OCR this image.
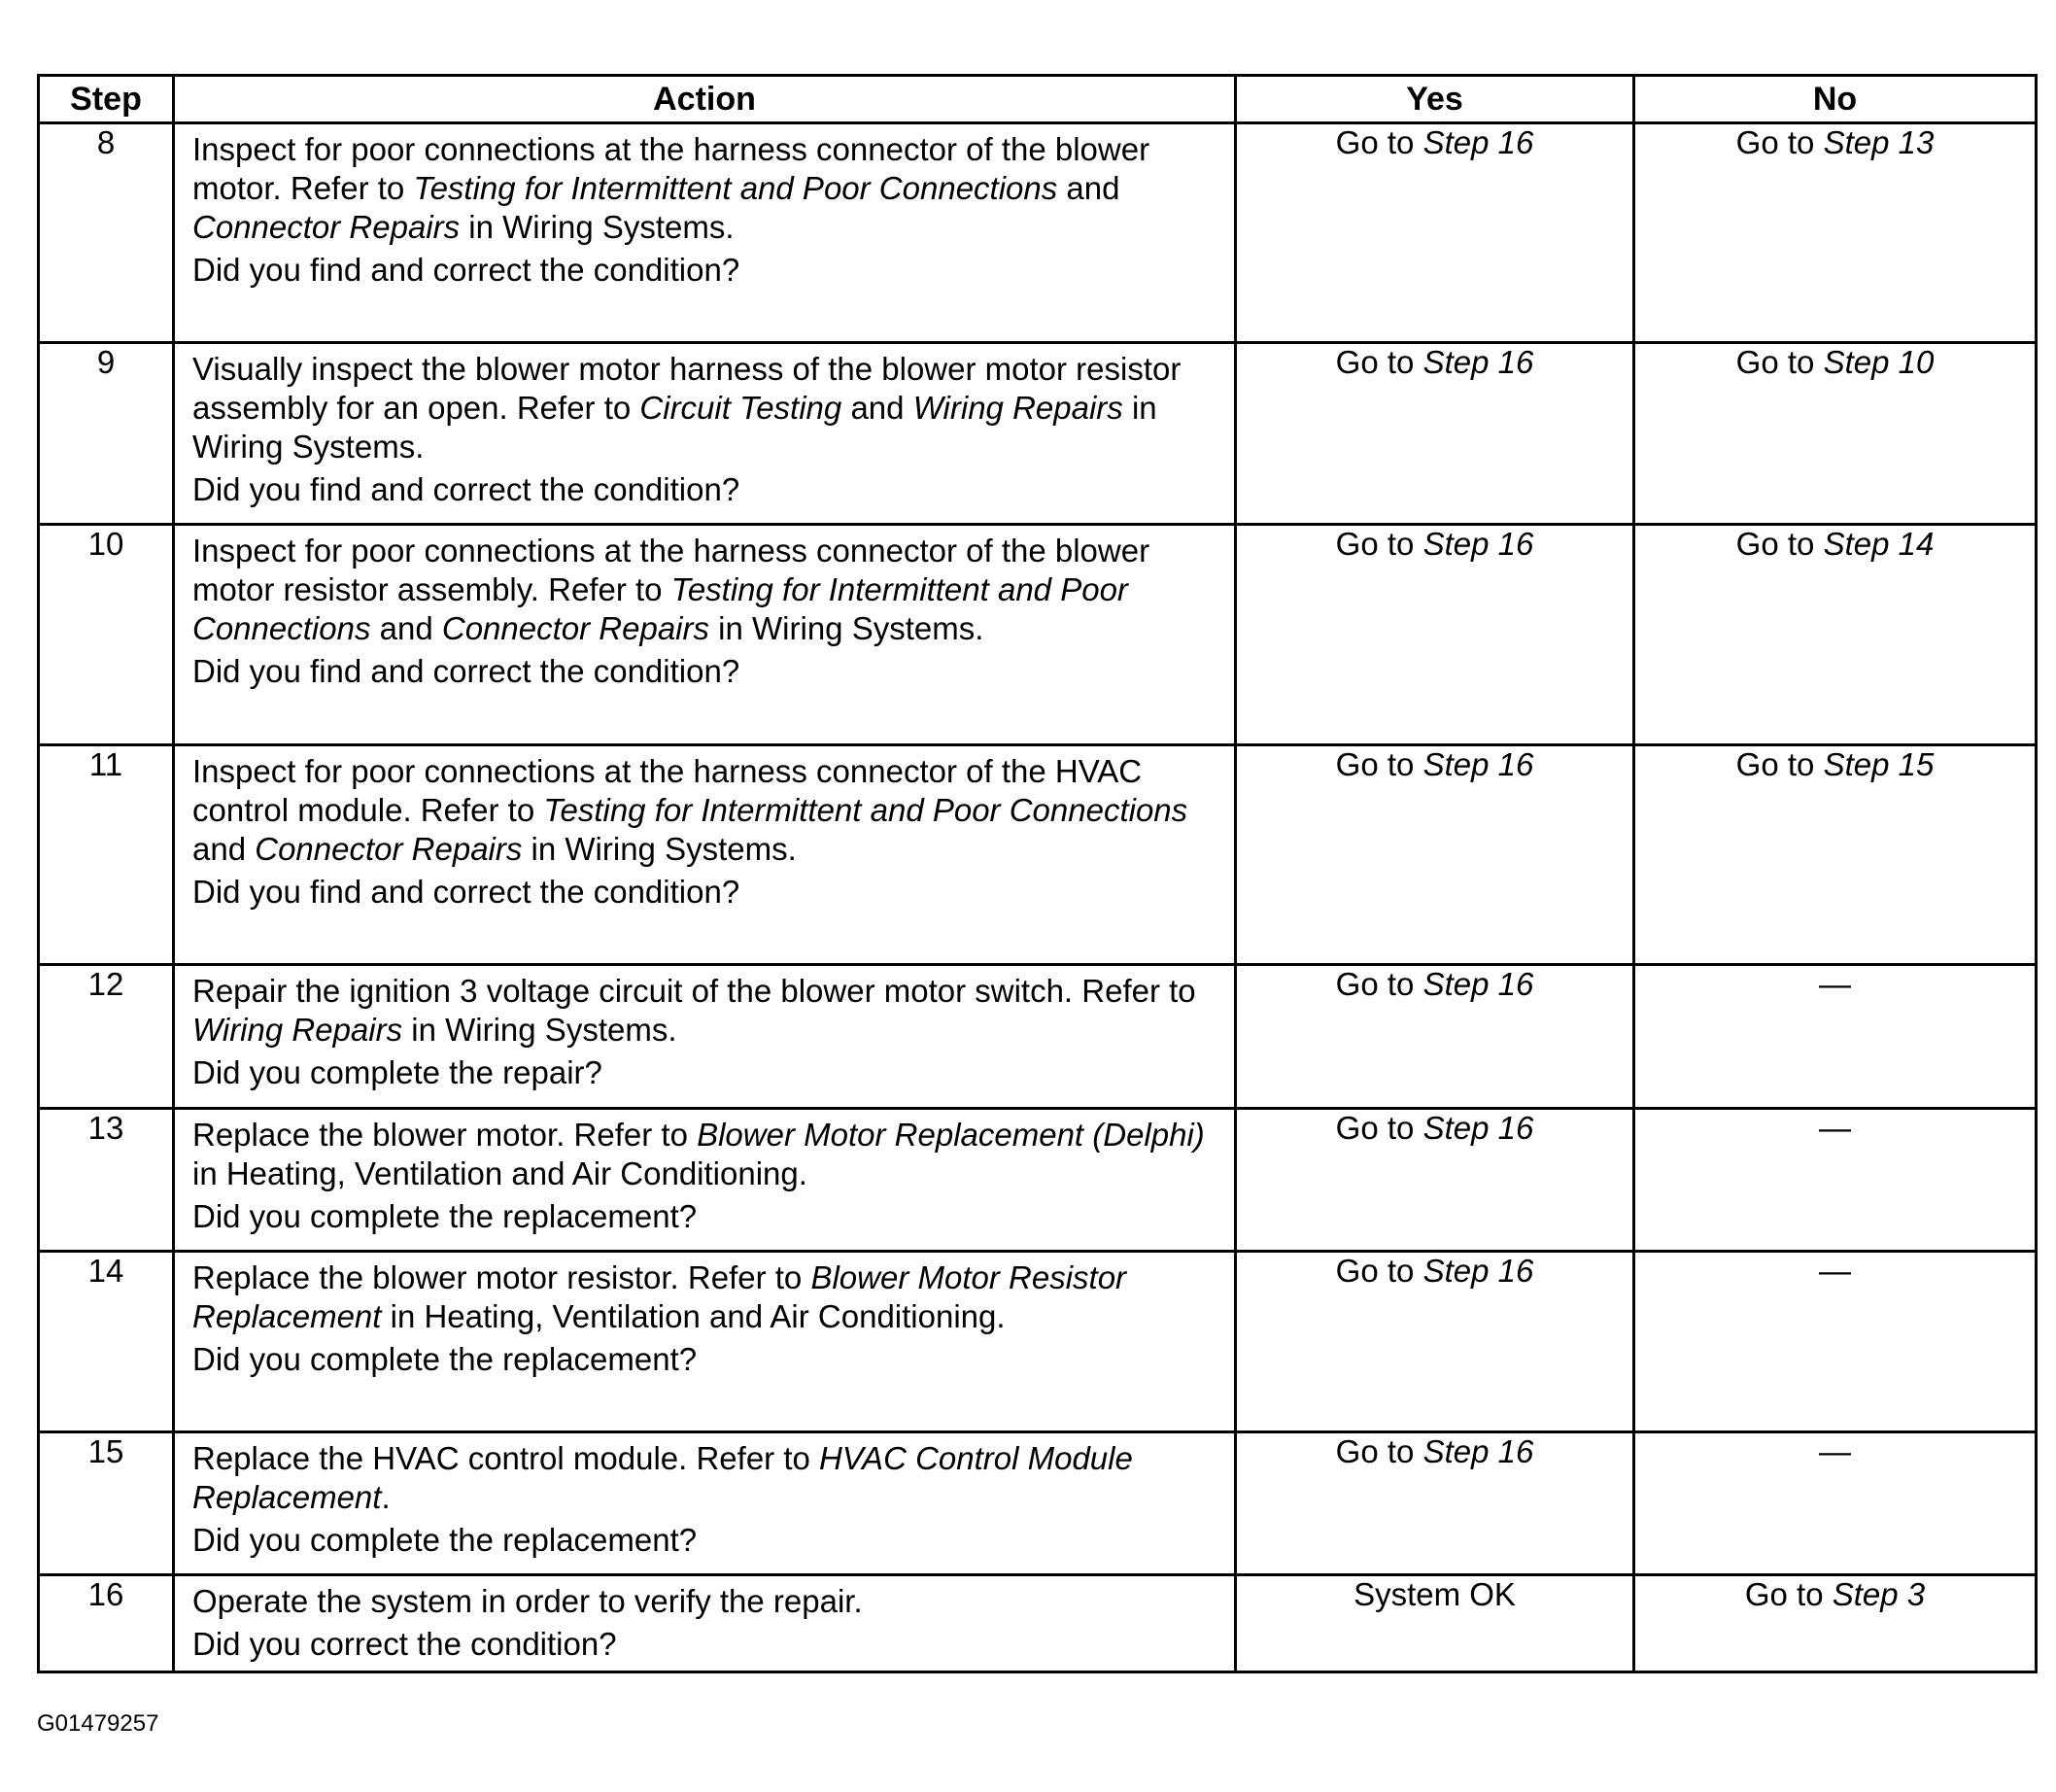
Step	Action	Yes	No
8	Inspect for poor connections at the harness connector of the blower motor. Refer to Testing for Intermittent and Poor Connections and Connector Repairs in Wiring Systems.
Did you find and correct the condition?	Go to Step 16	Go to Step 13
9	Visually inspect the blower motor harness of the blower motor resistor assembly for an open. Refer to Circuit Testing and Wiring Repairs in Wiring Systems.
Did you find and correct the condition?	Go to Step 16	Go to Step 10
10	Inspect for poor connections at the harness connector of the blower motor resistor assembly. Refer to Testing for Intermittent and Poor Connections and Connector Repairs in Wiring Systems.
Did you find and correct the condition?	Go to Step 16	Go to Step 14
11	Inspect for poor connections at the harness connector of the HVAC control module. Refer to Testing for Intermittent and Poor Connections and Connector Repairs in Wiring Systems.
Did you find and correct the condition?	Go to Step 16	Go to Step 15
12	Repair the ignition 3 voltage circuit of the blower motor switch. Refer to Wiring Repairs in Wiring Systems.
Did you complete the repair?	Go to Step 16	—
13	Replace the blower motor. Refer to Blower Motor Replacement (Delphi) in Heating, Ventilation and Air Conditioning.
Did you complete the replacement?	Go to Step 16	—
14	Replace the blower motor resistor. Refer to Blower Motor Resistor Replacement in Heating, Ventilation and Air Conditioning.
Did you complete the replacement?	Go to Step 16	—
15	Replace the HVAC control module. Refer to HVAC Control Module Replacement.
Did you complete the replacement?	Go to Step 16	—
16	Operate the system in order to verify the repair.
Did you correct the condition?	System OK	Go to Step 3
G01479257
